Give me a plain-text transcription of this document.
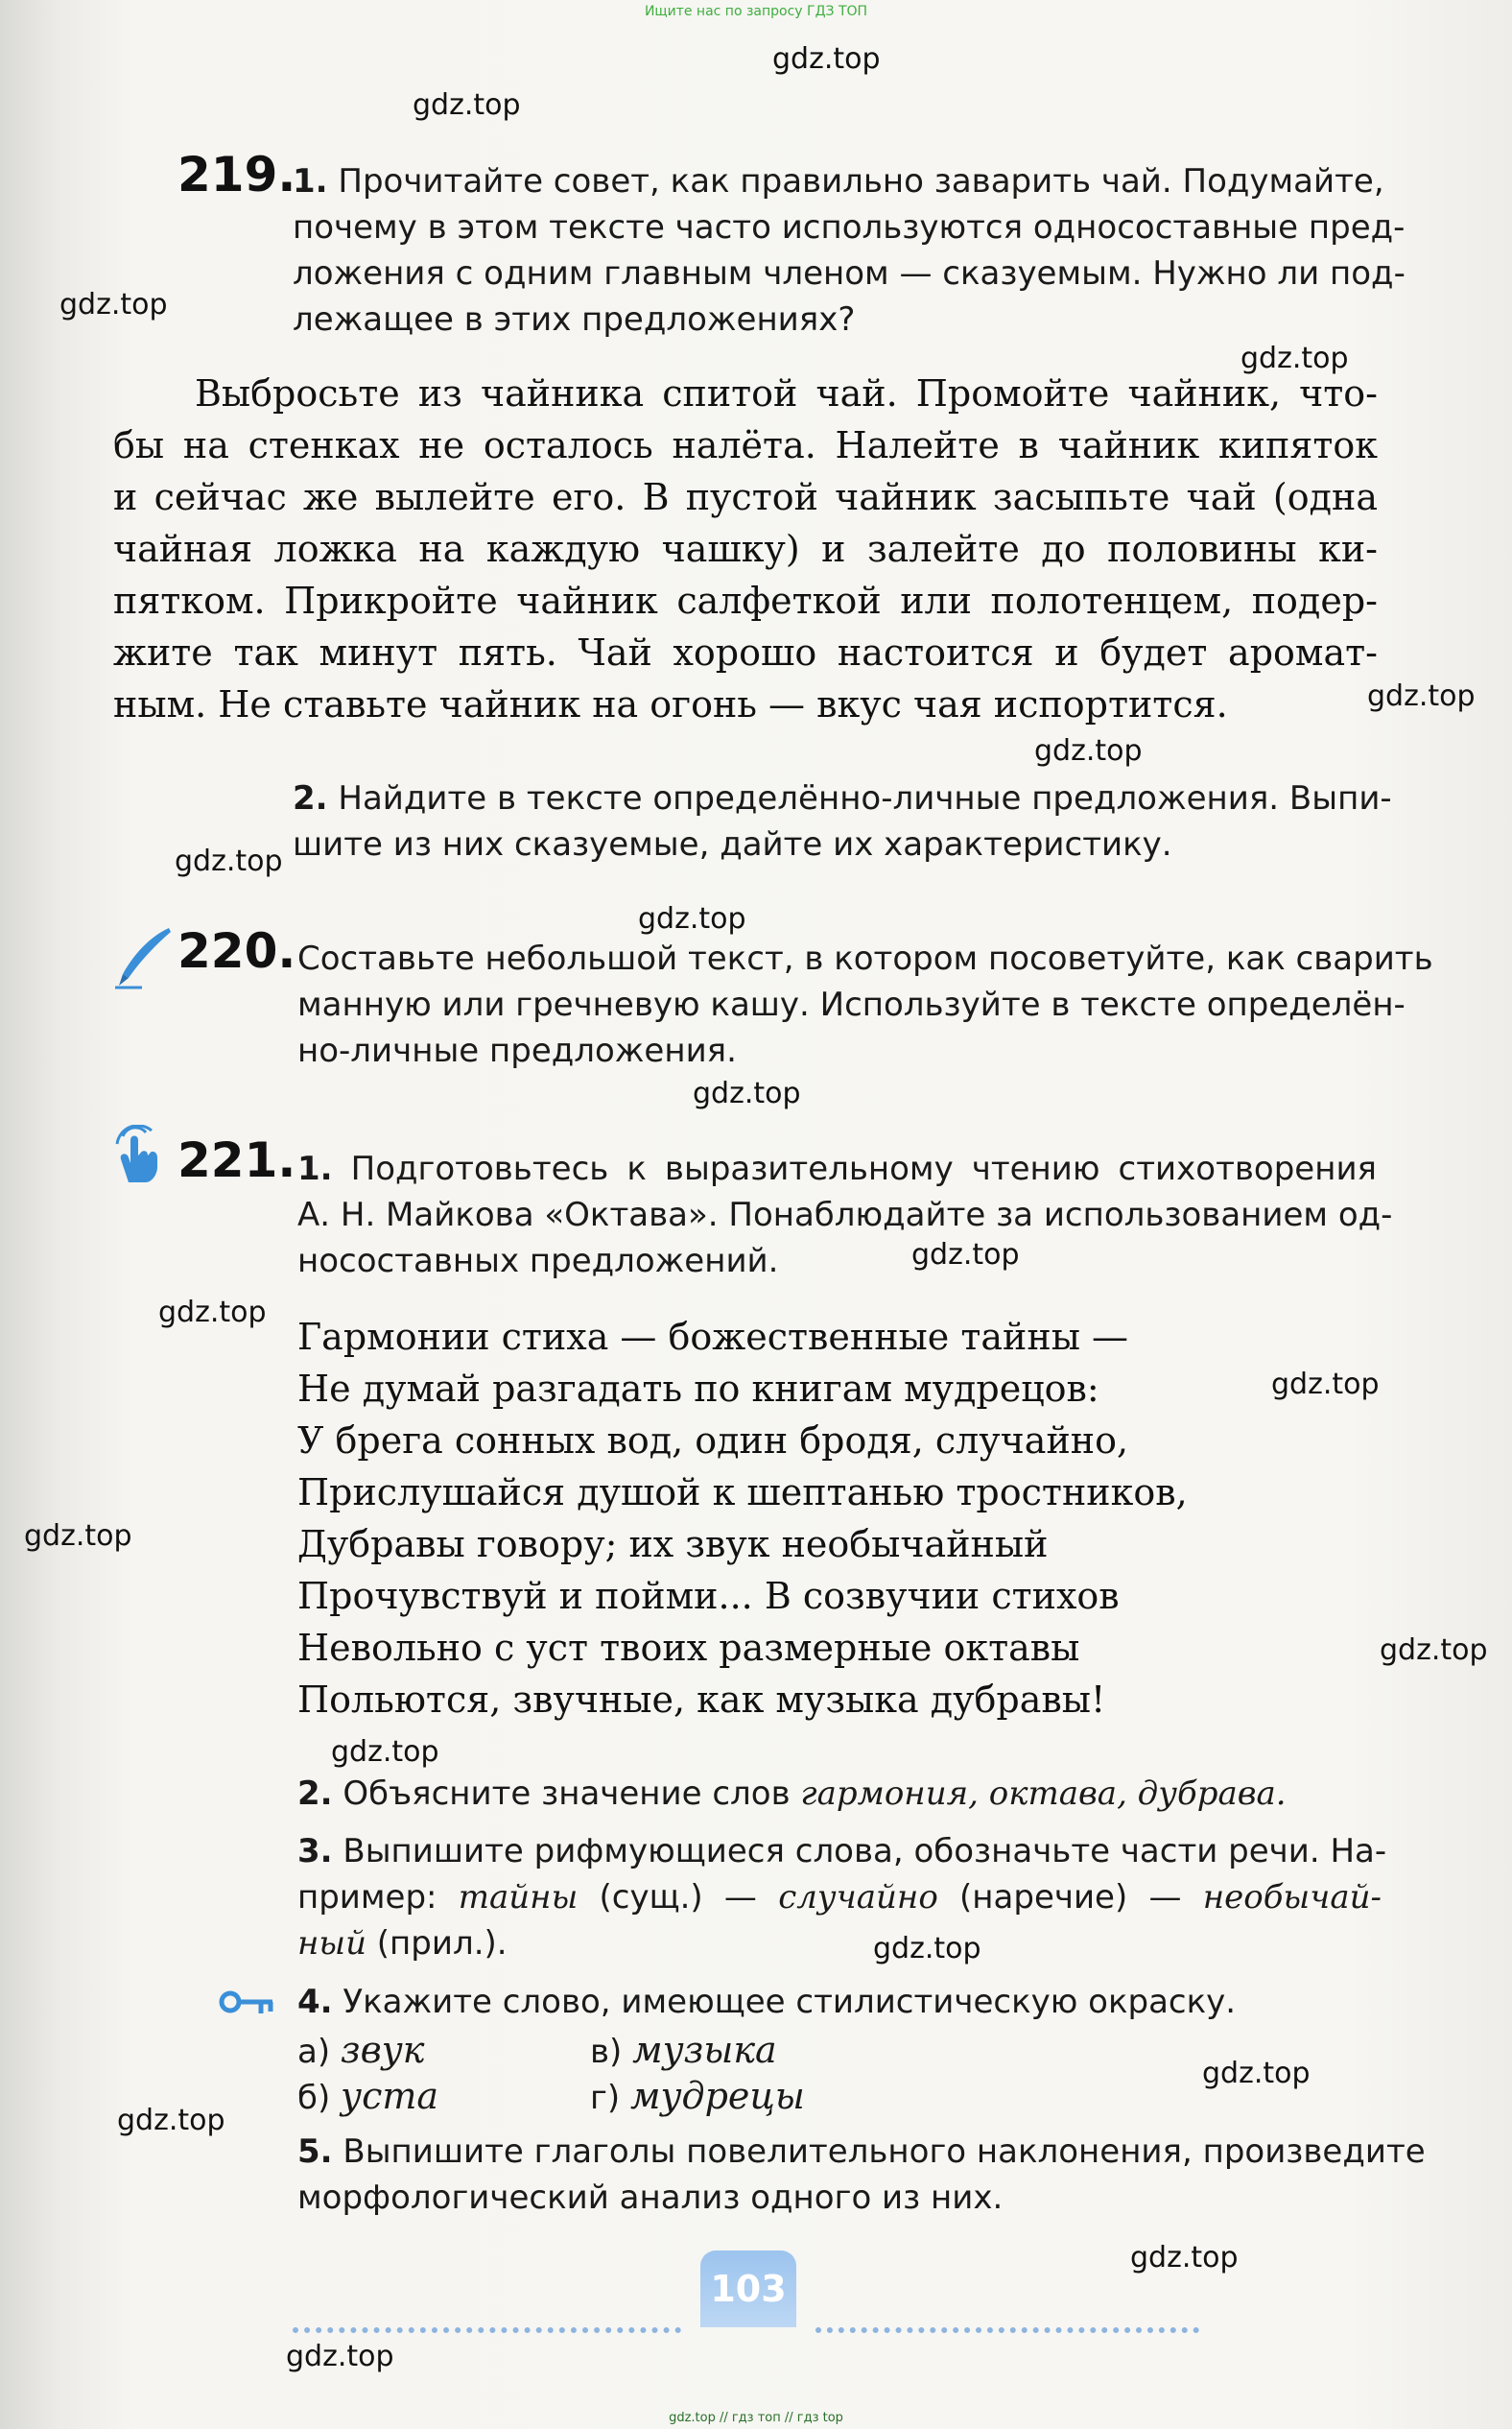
Ищите нас по запросу ГДЗ ТОП
gdz.top
gdz.top
gdz.top
gdz.top
gdz.top
gdz.top
gdz.top
gdz.top
gdz.top
gdz.top
gdz.top
gdz.top
gdz.top
gdz.top
gdz.top
gdz.top
gdz.top
gdz.top
gdz.top
gdz.top
219.
1. Прочитайте совет, как правильно заварить чай. Подумайте,
почему в этом тексте часто используются односоставные пред-
ложения с одним главным членом — сказуемым. Нужно ли под-
лежащее в этих предложениях?
Выбросьте из чайника спитой чай. Промойте чайник, что-
бы на стенках не осталось налёта. Налейте в чайник кипяток
и сейчас же вылейте его. В пустой чайник засыпьте чай (одна
чайная ложка на каждую чашку) и залейте до половины ки-
пятком. Прикройте чайник салфеткой или полотенцем, подер-
жите так минут пять. Чай хорошо настоится и будет аромат-
ным. Не ставьте чайник на огонь — вкус чая испортится.
2. Найдите в тексте определённо-личные предложения. Выпи-
шите из них сказуемые, дайте их характеристику.
220. Составьте небольшой текст, в котором посоветуйте, как сварить
манную или гречневую кашу. Используйте в тексте определён-
но-личные предложения.
221. 1. Подготовьтесь к выразительному чтению стихотворения
А. Н. Майкова «Октава». Понаблюдайте за использованием од-
носоставных предложений.
Гармонии стиха — божественные тайны —
Не думай разгадать по книгам мудрецов:
У брега сонных вод, один бродя, случайно,
Прислушайся душой к шептанью тростников,
Дубравы говору; их звук необычайный
Прочувствуй и пойми... В созвучии стихов
Невольно с уст твоих размерные октавы
Польются, звучные, как музыка дубравы!
2. Объясните значение слов гармония, октава, дубрава.
3. Выпишите рифмующиеся слова, обозначьте части речи. На-
пример: тайны (сущ.) — случайно (наречие) — необычай-
ный (прил.).
4. Укажите слово, имеющее стилистическую окраску.
а) звук	в) музыка
б) уста	г) мудрецы
5. Выпишите глаголы повелительного наклонения, произведите
морфологический анализ одного из них.
103
gdz.top // гдз топ // гдз top
